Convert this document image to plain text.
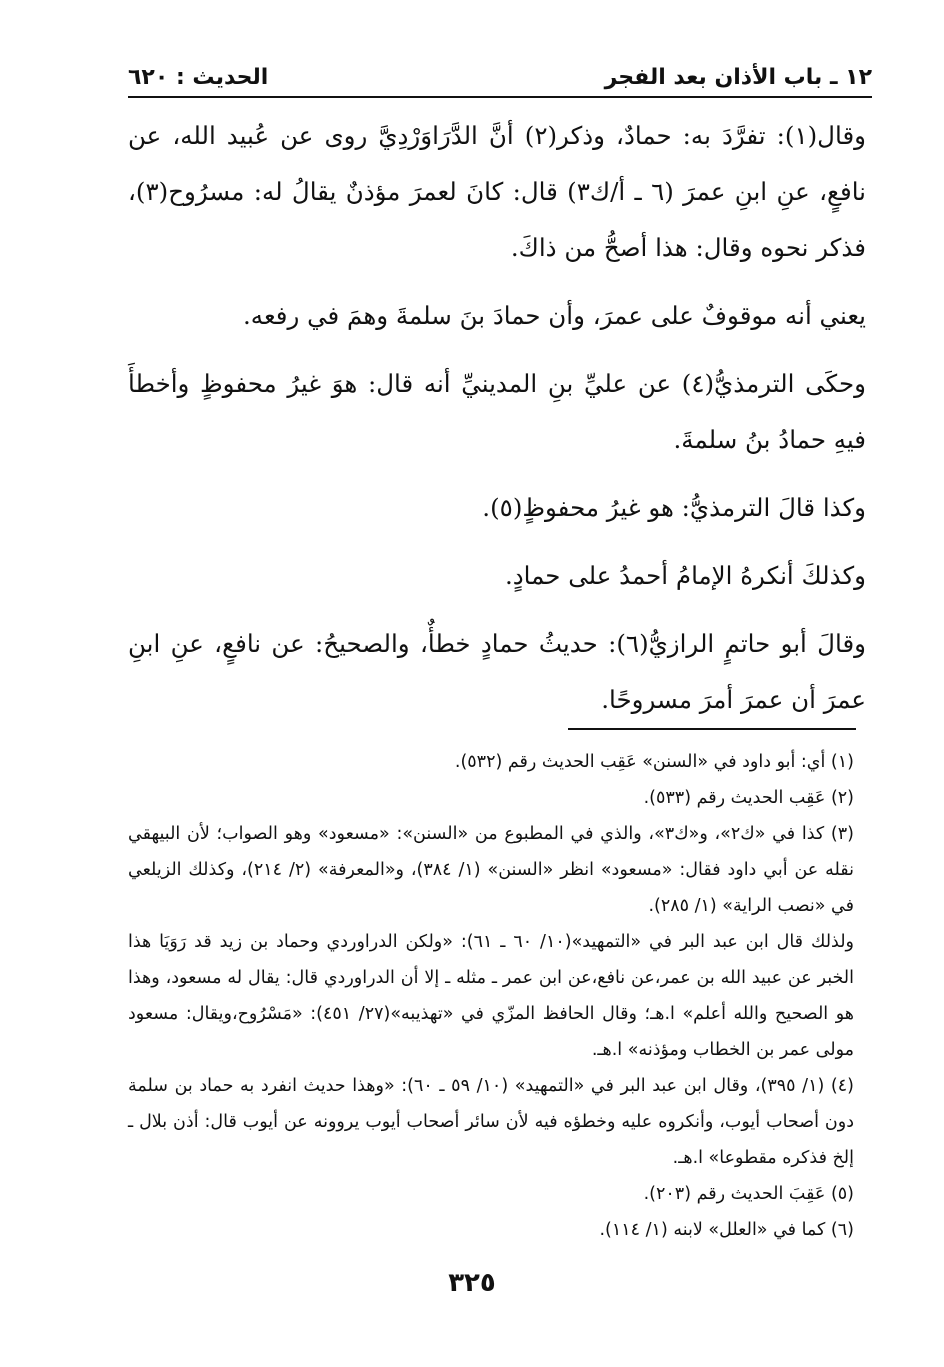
١٢ ـ باب الأذان بعد الفجر
الحديث : ٦٢٠

وقال(١): تفرَّدَ به: حمادٌ، وذكر(٢) أنَّ الدَّرَاوَرْدِيَّ روى عن عُبيد الله، عن نافعٍ، عنِ ابنِ عمرَ (٦ ـ أ/ك٣) قال: كانَ لعمرَ مؤذنٌ يقالُ له: مسرُوح(٣)، فذكر نحوه وقال: هذا أصحُّ من ذاكَ.

يعني أنه موقوفٌ على عمرَ، وأن حمادَ بنَ سلمةَ وهمَ في رفعه.

وحكَى الترمذيُّ(٤) عن عليِّ بنِ المدينيِّ أنه قال: هوَ غيرُ محفوظٍ وأخطأَ فيهِ حمادُ بنُ سلمةَ.

وكذا قالَ الترمذيُّ: هو غيرُ محفوظٍ(٥).

وكذلكَ أنكرهُ الإمامُ أحمدُ على حمادٍ.

وقالَ أبو حاتمٍ الرازيُّ(٦): حديثُ حمادٍ خطأٌ، والصحيحُ: عن نافعٍ، عنِ ابنِ عمرَ أن عمرَ أمرَ مسروحًا.

(١) أي: أبو داود في «السنن» عَقِب الحديث رقم (٥٣٢).

(٢) عَقِب الحديث رقم (٥٣٣).

(٣) كذا في «ك٢»، و«ك٣»، والذي في المطبوع من «السنن»: «مسعود» وهو الصواب؛ لأن البيهقي نقله عن أبي داود فقال: «مسعود» انظر «السنن» (١/ ٣٨٤)، و«المعرفة» (٢/ ٢١٤)، وكذلك الزيلعي في «نصب الراية» (١/ ٢٨٥).

ولذلك قال ابن عبد البر في «التمهيد»(١٠/ ٦٠ ـ ٦١): «ولكن الدراوردي وحماد بن زيد قد رَوَيَا هذا الخبر عن عبيد الله بن عمر،عن نافع،عن ابن عمر ـ مثله ـ إلا أن الدراوردي قال: يقال له مسعود، وهذا هو الصحيح والله أعلم» ا.هـ؛ وقال الحافظ المزّي في «تهذيبه»(٢٧/ ٤٥١): «مَسْرُوح،ويقال: مسعود مولى عمر بن الخطاب ومؤذنه» ا.هـ.

(٤) (١/ ٣٩٥)، وقال ابن عبد البر في «التمهيد» (١٠/ ٥٩ ـ ٦٠): «وهذا حديث انفرد به حماد بن سلمة دون أصحاب أيوب، وأنكروه عليه وخطؤه فيه لأن سائر أصحاب أيوب يروونه عن أيوب قال: أذن بلال ـ إلخ فذكره مقطوعا» ا.هـ.

(٥) عَقِبَ الحديث رقم (٢٠٣).

(٦) كما في «العلل» لابنه (١/ ١١٤).

٣٢٥
